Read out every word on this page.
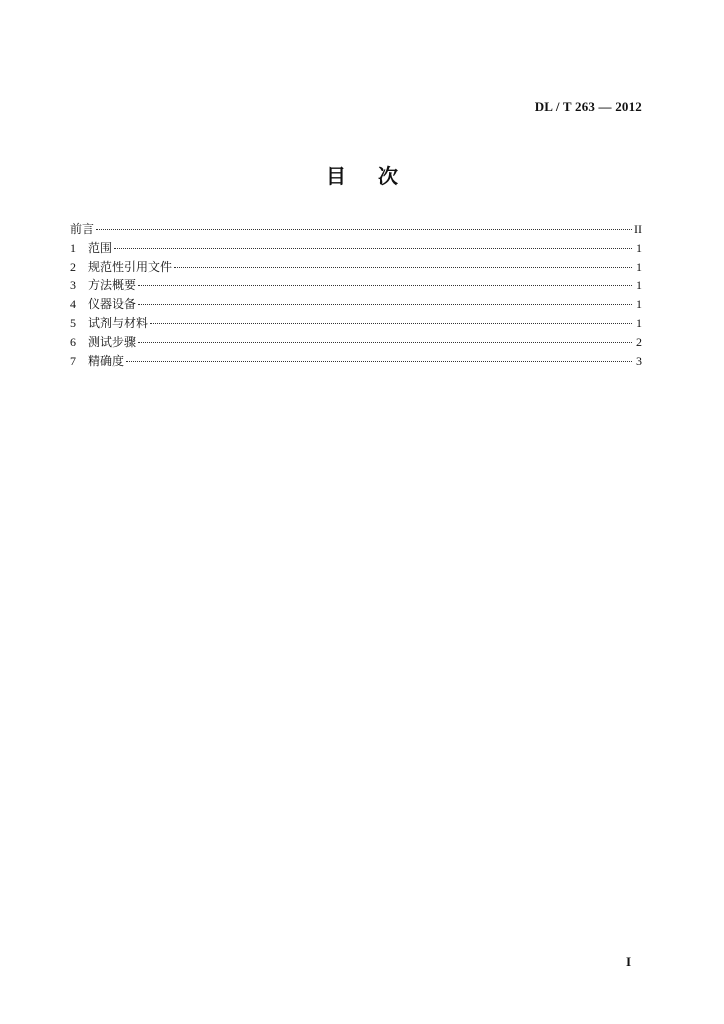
DL / T 263 — 2012
目次
前言	II
1	范围	1
2	规范性引用文件	1
3	方法概要	1
4	仪器设备	1
5	试剂与材料	1
6	测试步骤	2
7	精确度	3
I
